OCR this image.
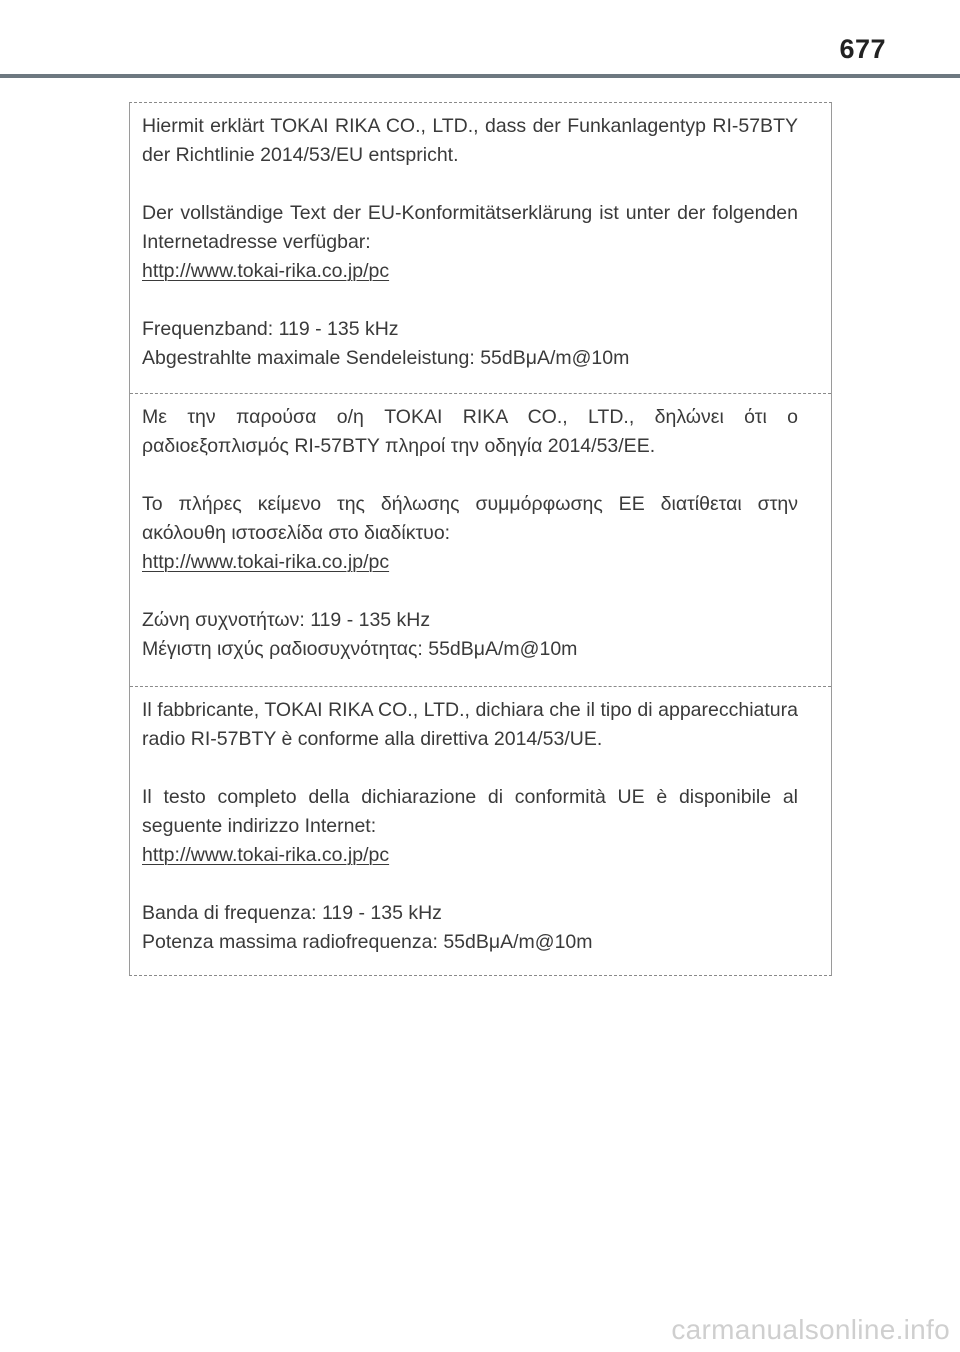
677

Hiermit erklärt TOKAI RIKA CO., LTD., dass der Funkanlagentyp RI-57BTY der Richtlinie 2014/53/EU entspricht.

Der vollständige Text der EU-Konformitätserklärung ist unter der folgenden Internetadresse verfügbar:

http://www.tokai-rika.co.jp/pc

Frequenzband: 119 - 135 kHz

Abgestrahlte maximale Sendeleistung: 55dBμA/m@10m

Με την παρούσα ο/η TOKAI RIKA CO., LTD., δηλώνει ότι ο ραδιοεξοπλισμός RI-57BTY πληροί την οδηγία 2014/53/ΕΕ.

Το πλήρες κείμενο της δήλωσης συμμόρφωσης ΕΕ διατίθεται στην ακόλουθη ιστοσελίδα στο διαδίκτυο:

http://www.tokai-rika.co.jp/pc

Ζώνη συχνοτήτων: 119 - 135 kHz

Μέγιστη ισχύς ραδιοσυχνότητας: 55dBμA/m@10m

Il fabbricante, TOKAI RIKA CO., LTD., dichiara che il tipo di apparecchiatura radio RI-57BTY è conforme alla direttiva 2014/53/UE.

Il testo completo della dichiarazione di conformità UE è disponibile al seguente indirizzo Internet:

http://www.tokai-rika.co.jp/pc

Banda di frequenza: 119 - 135 kHz

Potenza massima radiofrequenza: 55dBμA/m@10m

carmanualsonline.info
